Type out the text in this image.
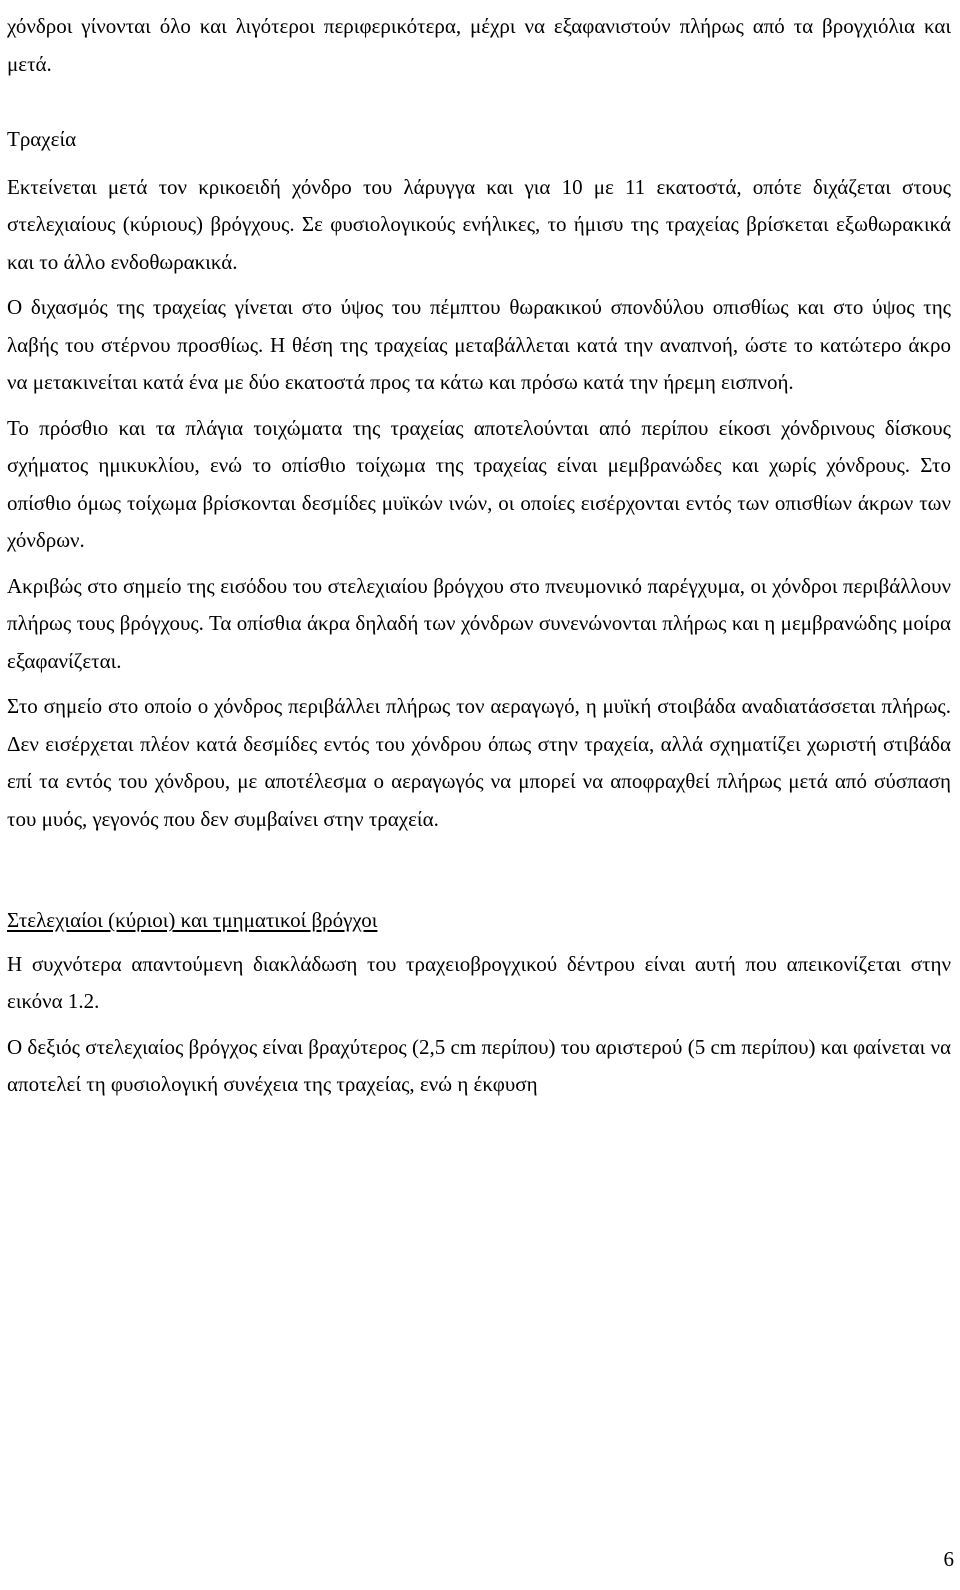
χόνδροι γίνονται όλο και λιγότεροι περιφερικότερα, μέχρι να εξαφανιστούν πλήρως από τα βρογχιόλια και μετά.

Τραχεία

Εκτείνεται μετά τον κρικοειδή χόνδρο του λάρυγγα και για 10 με 11 εκατοστά, οπότε διχάζεται στους στελεχιαίους (κύριους) βρόγχους. Σε φυσιολογικούς ενήλικες, το ήμισυ της τραχείας βρίσκεται εξωθωρακικά και το άλλο ενδοθωρακικά.

Ο διχασμός της τραχείας γίνεται στο ύψος του πέμπτου θωρακικού σπονδύλου οπισθίως και στο ύψος της λαβής του στέρνου προσθίως. Η θέση της τραχείας μεταβάλλεται κατά την αναπνοή, ώστε το κατώτερο άκρο να μετακινείται κατά ένα με δύο εκατοστά προς τα κάτω και πρόσω κατά την ήρεμη εισπνοή.

Το πρόσθιο και τα πλάγια τοιχώματα της τραχείας αποτελούνται από περίπου είκοσι χόνδρινους δίσκους σχήματος ημικυκλίου, ενώ το οπίσθιο τοίχωμα της τραχείας είναι μεμβρανώδες και χωρίς χόνδρους. Στο οπίσθιο όμως τοίχωμα βρίσκονται δεσμίδες μυϊκών ινών, οι οποίες εισέρχονται εντός των οπισθίων άκρων των χόνδρων.

Ακριβώς στο σημείο της εισόδου του στελεχιαίου βρόγχου στο πνευμονικό παρέγχυμα, οι χόνδροι περιβάλλουν πλήρως τους βρόγχους. Τα οπίσθια άκρα δηλαδή των χόνδρων συνενώνονται πλήρως και η μεμβρανώδης μοίρα εξαφανίζεται.

Στο σημείο στο οποίο ο χόνδρος περιβάλλει πλήρως τον αεραγωγό, η μυϊκή στοιβάδα αναδιατάσσεται πλήρως. Δεν εισέρχεται πλέον κατά δεσμίδες εντός του χόνδρου όπως στην τραχεία, αλλά σχηματίζει χωριστή στιβάδα επί τα εντός του χόνδρου, με αποτέλεσμα ο αεραγωγός να μπορεί να αποφραχθεί πλήρως μετά από σύσπαση του μυός, γεγονός που δεν συμβαίνει στην τραχεία.

Στελεχιαίοι (κύριοι) και τμηματικοί βρόγχοι

Η συχνότερα απαντούμενη διακλάδωση του τραχειοβρογχικού δέντρου είναι αυτή που απεικονίζεται στην εικόνα 1.2.

Ο δεξιός στελεχιαίος βρόγχος είναι βραχύτερος (2,5 cm περίπου) του αριστερού (5 cm περίπου) και φαίνεται να αποτελεί τη φυσιολογική συνέχεια της τραχείας, ενώ η έκφυση

6
